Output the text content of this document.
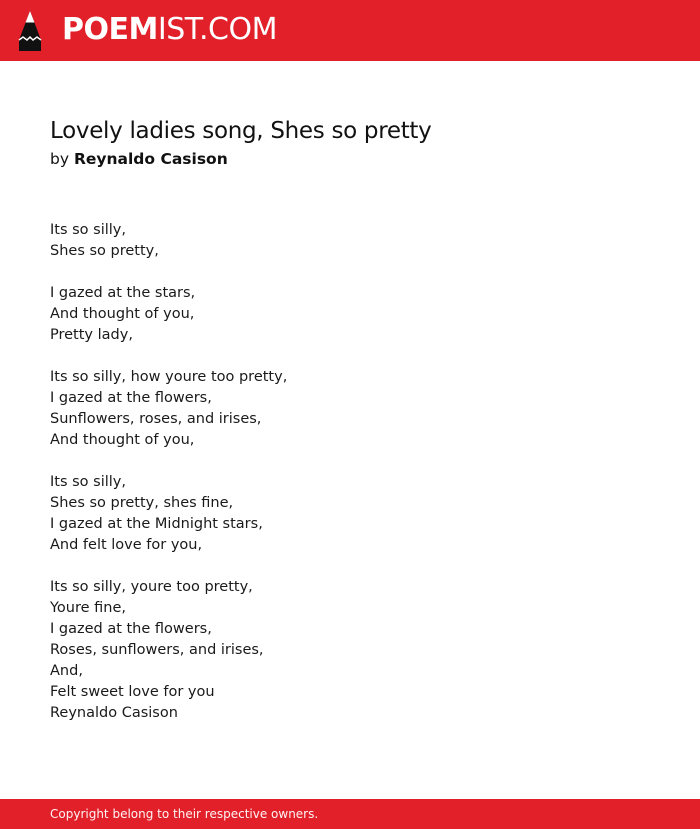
POEMIST.COM
Lovely ladies song, Shes so pretty
by Reynaldo Casison
Its so silly,
Shes so pretty,
I gazed at the stars,
And thought of you,
Pretty lady,
Its so silly, how youre too pretty,
I gazed at the flowers,
Sunflowers, roses, and irises,
And thought of you,
Its so silly,
Shes so pretty, shes fine,
I gazed at the Midnight stars,
And felt love for you,
Its so silly, youre too pretty,
Youre fine,
I gazed at the flowers,
Roses, sunflowers, and irises,
And,
Felt sweet love for you
Reynaldo Casison
Copyright belong to their respective owners.
